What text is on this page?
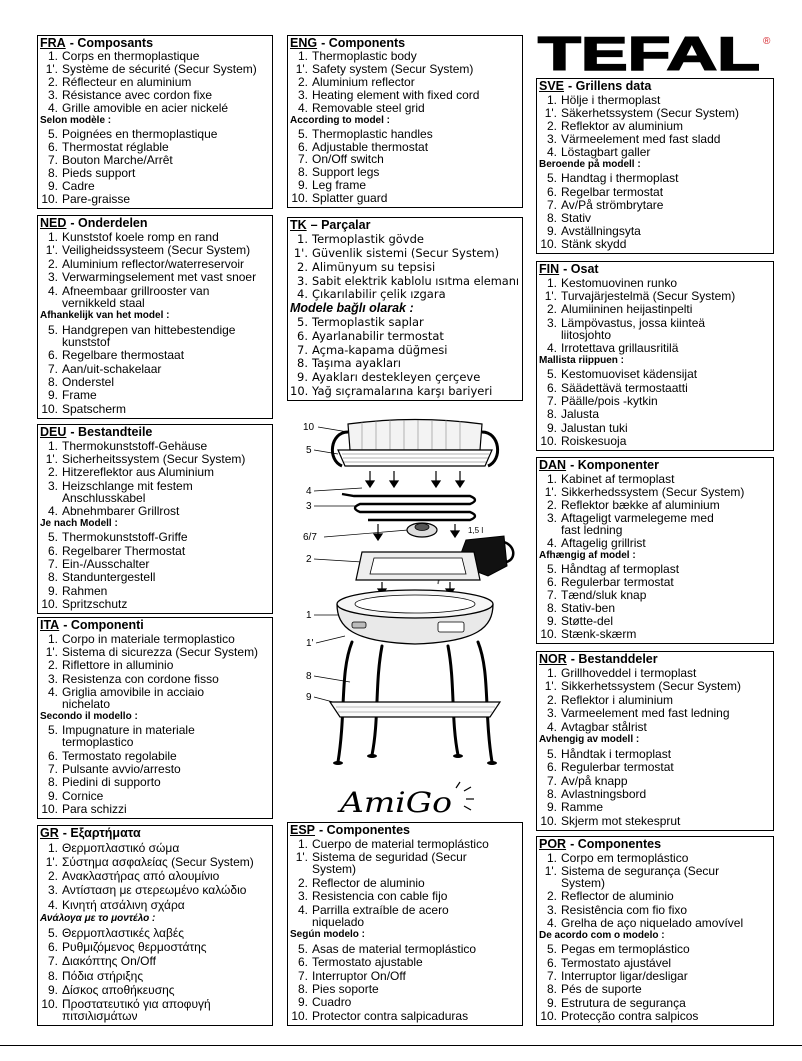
TEFAL ®
FRA - Composants
1. Corps en thermoplastique
1'. Système de sécurité (Secur System)
2. Réflecteur en aluminium
3. Résistance avec cordon fixe
4. Grille amovible en acier nickelé
Selon modèle :
5. Poignées en thermoplastique
6. Thermostat réglable
7. Bouton Marche/Arrêt
8. Pieds support
9. Cadre
10. Pare-graisse
NED - Onderdelen
1. Kunststof koele romp en rand
1'. Veiligheidssysteem (Secur System)
2. Aluminium reflector/waterreservoir
3. Verwarmingselement met vast snoer
4. Afneembaar grillrooster van
vernikkeld staal
Afhankelijk van het model :
5. Handgrepen van hittebestendige
kunststof
6. Regelbare thermostaat
7. Aan/uit-schakelaar
8. Onderstel
9. Frame
10. Spatscherm
DEU - Bestandteile
1. Thermokunststoff-Gehäuse
1'. Sicherheitssystem (Secur System)
2. Hitzereflektor aus Aluminium
3. Heizschlange mit festem
Anschlusskabel
4. Abnehmbarer Grillrost
Je nach Modell :
5. Thermokunststoff-Griffe
6. Regelbarer Thermostat
7. Ein-/Ausschalter
8. Standuntergestell
9. Rahmen
10. Spritzschutz
ITA - Componenti
1. Corpo in materiale termoplastico
1'. Sistema di sicurezza (Secur System)
2. Riflettore in alluminio
3. Resistenza con cordone fisso
4. Griglia amovibile in acciaio
nichelato
Secondo il modello :
5. Impugnature in materiale
termoplastico
6. Termostato regolabile
7. Pulsante avvio/arresto
8. Piedini di supporto
9. Cornice
10. Para schizzi
GR - Εξαρτήματα
1. Θερμοπλαστικό σώμα
1'. Σύστημα ασφαλείας (Secur System)
2. Ανακλαστήρας από αλουμίνιο
3. Αντίσταση με στερεωμένο καλώδιο
4. Κινητή ατσάλινη σχάρα
Ανάλογα με το μοντέλο :
5. Θερμοπλαστικές λαβές
6. Ρυθμιζόμενος θερμοστάτης
7. Διακόπτης On/Off
8. Πόδια στήριξης
9. Δίσκος αποθήκευσης
10. Προστατευτικό για αποφυγή
πιτσιλισμάτων
ENG - Components
1. Thermoplastic body
1'. Safety system (Secur System)
2. Aluminium reflector
3. Heating element with fixed cord
4. Removable steel grid
According to model :
5. Thermoplastic handles
6. Adjustable thermostat
7. On/Off switch
8. Support legs
9. Leg frame
10. Splatter guard
TK – Parçalar
1. Termoplastik gövde
1'. Güvenlik sistemi (Secur System)
2. Alimünyum su tepsisi
3. Sabit elektrik kablolu ısıtma elemanı
4. Çıkarılabilir çelik ızgara
Modele bağlı olarak :
5. Termoplastik saplar
6. Ayarlanabilir termostat
7. Açma-kapama düğmesi
8. Taşıma ayakları
9. Ayakları destekleyen çerçeve
10. Yağ sıçramalarına karşı bariyeri
ESP - Componentes
1. Cuerpo de material termoplástico
1'. Sistema de seguridad (Secur
System)
2. Reflector de aluminio
3. Resistencia con cable fijo
4. Parrilla extraíble de acero
niquelado
Según modelo :
5. Asas de material termoplástico
6. Termostato ajustable
7. Interruptor On/Off
8. Pies soporte
9. Cuadro
10. Protector contra salpicaduras
SVE - Grillens data
1. Hölje i thermoplast
1'. Säkerhetssystem (Secur System)
2. Reflektor av aluminium
3. Värmeelement med fast sladd
4. Löstagbart galler
Beroende på modell :
5. Handtag i thermoplast
6. Regelbar termostat
7. Av/På strömbrytare
8. Stativ
9. Avställningsyta
10. Stänk skydd
FIN - Osat
1. Kestomuovinen runko
1'. Turvajärjestelmä (Secur System)
2. Alumiininen heijastinpelti
3. Lämpövastus, jossa kiinteä
liitosjohto
4. Irrotettava grillausritilä
Mallista riippuen :
5. Kestomuoviset kädensijat
6. Säädettävä termostaatti
7. Päälle/pois -kytkin
8. Jalusta
9. Jalustan tuki
10. Roiskesuoja
DAN - Komponenter
1. Kabinet af termoplast
1'. Sikkerhedssystem (Secur System)
2. Reflektor bække af aluminium
3. Aftageligt varmelegeme med
fast ledning
4. Aftagelig grillrist
Afhængig af model :
5. Håndtag af termoplast
6. Regulerbar termostat
7. Tænd/sluk knap
8. Stativ-ben
9. Støtte-del
10. Stænk-skærm
NOR - Bestanddeler
1. Grillhoveddel i termoplast
1'. Sikkerhetssystem (Secur System)
2. Reflektor i aluminium
3. Varmeelement med fast ledning
4. Avtagbar stålrist
Avhengig av modell :
5. Håndtak i termoplast
6. Regulerbar termostat
7. Av/på knapp
8. Avlastningsbord
9. Ramme
10. Skjerm mot stekesprut
POR - Componentes
1. Corpo em termoplástico
1'. Sistema de segurança (Secur
System)
2. Reflector de aluminio
3. Resistência com fio fixo
4. Grelha de aço niquelado amovível
De acordo com o modelo :
5. Pegas em termoplástico
6. Termostato ajustável
7. Interruptor ligar/desligar
8. Pés de suporte
9. Estrutura de segurança
10. Protecção contra salpicos
10
5
4
3
6/7
2
1
1'
8
9
1,5 l
AmiGo
